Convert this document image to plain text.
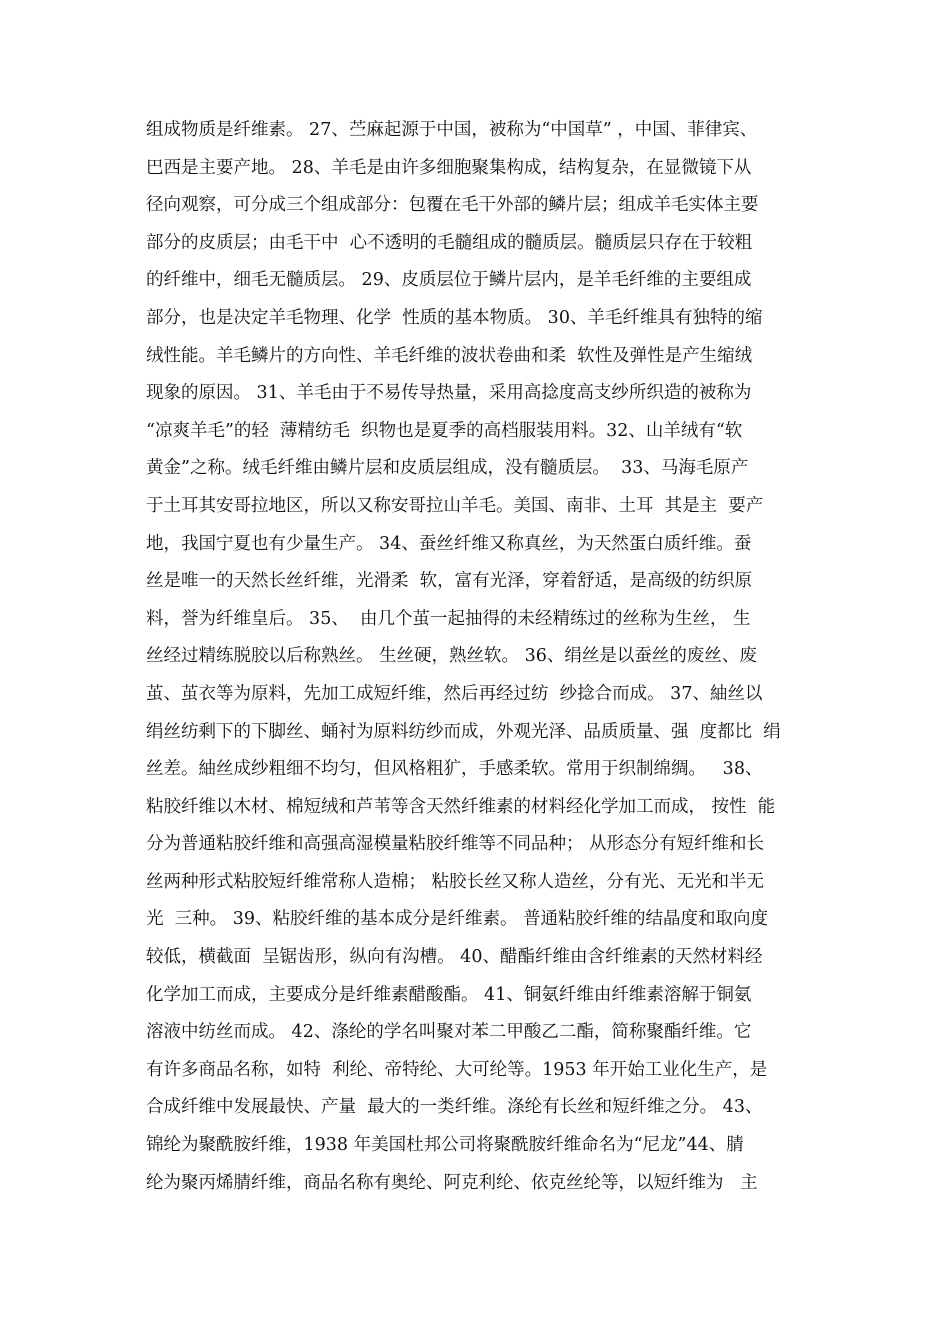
组成物质是纤维素。 27、苎麻起源于中国，被称为“中国草” ，中国、菲律宾、
巴西是主要产地。 28、羊毛是由许多细胞聚集构成，结构复杂，在显微镜下从
径向观察，可分成三个组成部分：包覆在毛干外部的鳞片层；组成羊毛实体主要
部分的皮质层；由毛干中  心不透明的毛髓组成的髓质层。髓质层只存在于较粗
的纤维中，细毛无髓质层。 29、皮质层位于鳞片层内，是羊毛纤维的主要组成
部分，也是决定羊毛物理、化学  性质的基本物质。 30、羊毛纤维具有独特的缩
绒性能。羊毛鳞片的方向性、羊毛纤维的波状卷曲和柔  软性及弹性是产生缩绒
现象的原因。 31、羊毛由于不易传导热量，采用高捻度高支纱所织造的被称为
“凉爽羊毛”的轻  薄精纺毛  织物也是夏季的高档服装用料。32、山羊绒有“软
黄金”之称。绒毛纤维由鳞片层和皮质层组成，没有髓质层。  33、马海毛原产
于土耳其安哥拉地区，所以又称安哥拉山羊毛。美国、南非、土耳  其是主  要产
地，我国宁夏也有少量生产。 34、蚕丝纤维又称真丝，为天然蛋白质纤维。蚕
丝是唯一的天然长丝纤维，光滑柔  软，富有光泽，穿着舒适，是高级的纺织原
料，誉为纤维皇后。 35、  由几个茧一起抽得的未经精练过的丝称为生丝， 生
丝经过精练脱胶以后称熟丝。 生丝硬，熟丝软。 36、绢丝是以蚕丝的废丝、废
茧、茧衣等为原料，先加工成短纤维，然后再经过纺  纱捻合而成。 37、紬丝以
绢丝纺剩下的下脚丝、蛹衬为原料纺纱而成，外观光泽、品质质量、强  度都比  绢
丝差。紬丝成纱粗细不均匀，但风格粗犷，手感柔软。常用于织制绵绸。   38、
粘胶纤维以木材、棉短绒和芦苇等含天然纤维素的材料经化学加工而成， 按性  能
分为普通粘胶纤维和高强高湿模量粘胶纤维等不同品种； 从形态分有短纤维和长
丝两种形式粘胶短纤维常称人造棉； 粘胶长丝又称人造丝，分有光、无光和半无
光  三种。 39、粘胶纤维的基本成分是纤维素。 普通粘胶纤维的结晶度和取向度
较低，横截面  呈锯齿形，纵向有沟槽。 40、醋酯纤维由含纤维素的天然材料经
化学加工而成，主要成分是纤维素醋酸酯。 41、铜氨纤维由纤维素溶解于铜氨
溶液中纺丝而成。 42、涤纶的学名叫聚对苯二甲酸乙二酯，简称聚酯纤维。它
有许多商品名称，如特  利纶、帝特纶、大可纶等。1953 年开始工业化生产，是
合成纤维中发展最快、产量  最大的一类纤维。涤纶有长丝和短纤维之分。 43、
锦纶为聚酰胺纤维，1938 年美国杜邦公司将聚酰胺纤维命名为“尼龙”44、腈
纶为聚丙烯腈纤维，商品名称有奥纶、阿克利纶、依克丝纶等，以短纤维为   主
